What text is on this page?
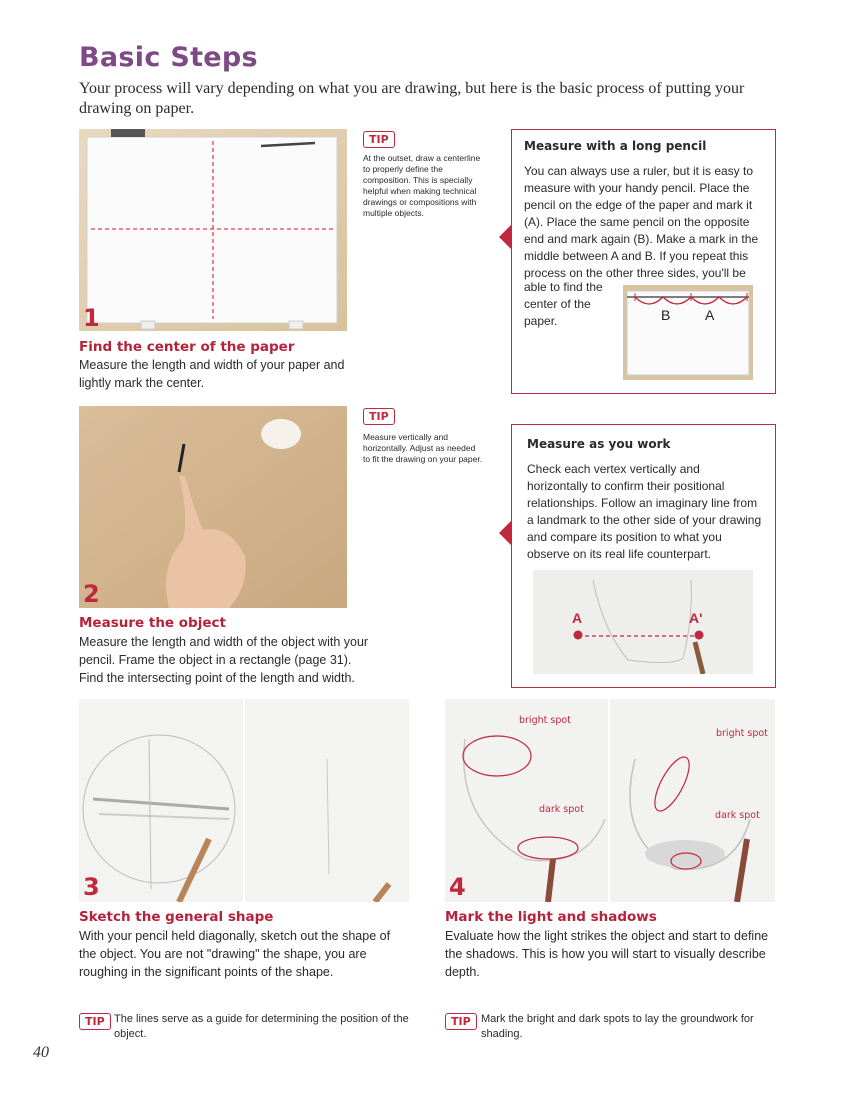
Basic Steps
Your process will vary depending on what you are drawing, but here is the basic process of putting your drawing on paper.
1
Find the center of the paper
Measure the length and width of your paper and lightly mark the center.
TIP
At the outset, draw a centerline to properly define the composition. This is specially helpful when making technical drawings or compositions with multiple objects.
Measure with a long pencil
You can always use a ruler, but it is easy to measure with your handy pencil. Place the pencil on the edge of the paper and mark it (A). Place the same pencil on the opposite end and mark again (B). Make a mark in the middle between A and B. If you repeat this process on the other three sides, you'll be
able to find the center of the paper.	B A
2
Measure the object
Measure the length and width of the object with your pencil. Frame the object in a rectangle (page 31). Find the intersecting point of the length and width.
TIP
Measure vertically and horizontally. Adjust as needed to fit the drawing on your paper.
Measure as you work
Check each vertex vertically and horizontally to confirm their positional relationships. Follow an imaginary line from a landmark to the other side of your drawing and compare its position to what you observe on its real life counterpart.
A	A'
3
Sketch the general shape
With your pencil held diagonally, sketch out the shape of the object. You are not "drawing" the shape, you are roughing in the significant points of the shape.
bright spot
dark spot
bright spot
dark spot
4
Mark the light and shadows
Evaluate how the light strikes the object and start to define the shadows. This is how you will start to visually describe depth.
TIP The lines serve as a guide for determining the position of the object.
TIP Mark the bright and dark spots to lay the groundwork for shading.
40
